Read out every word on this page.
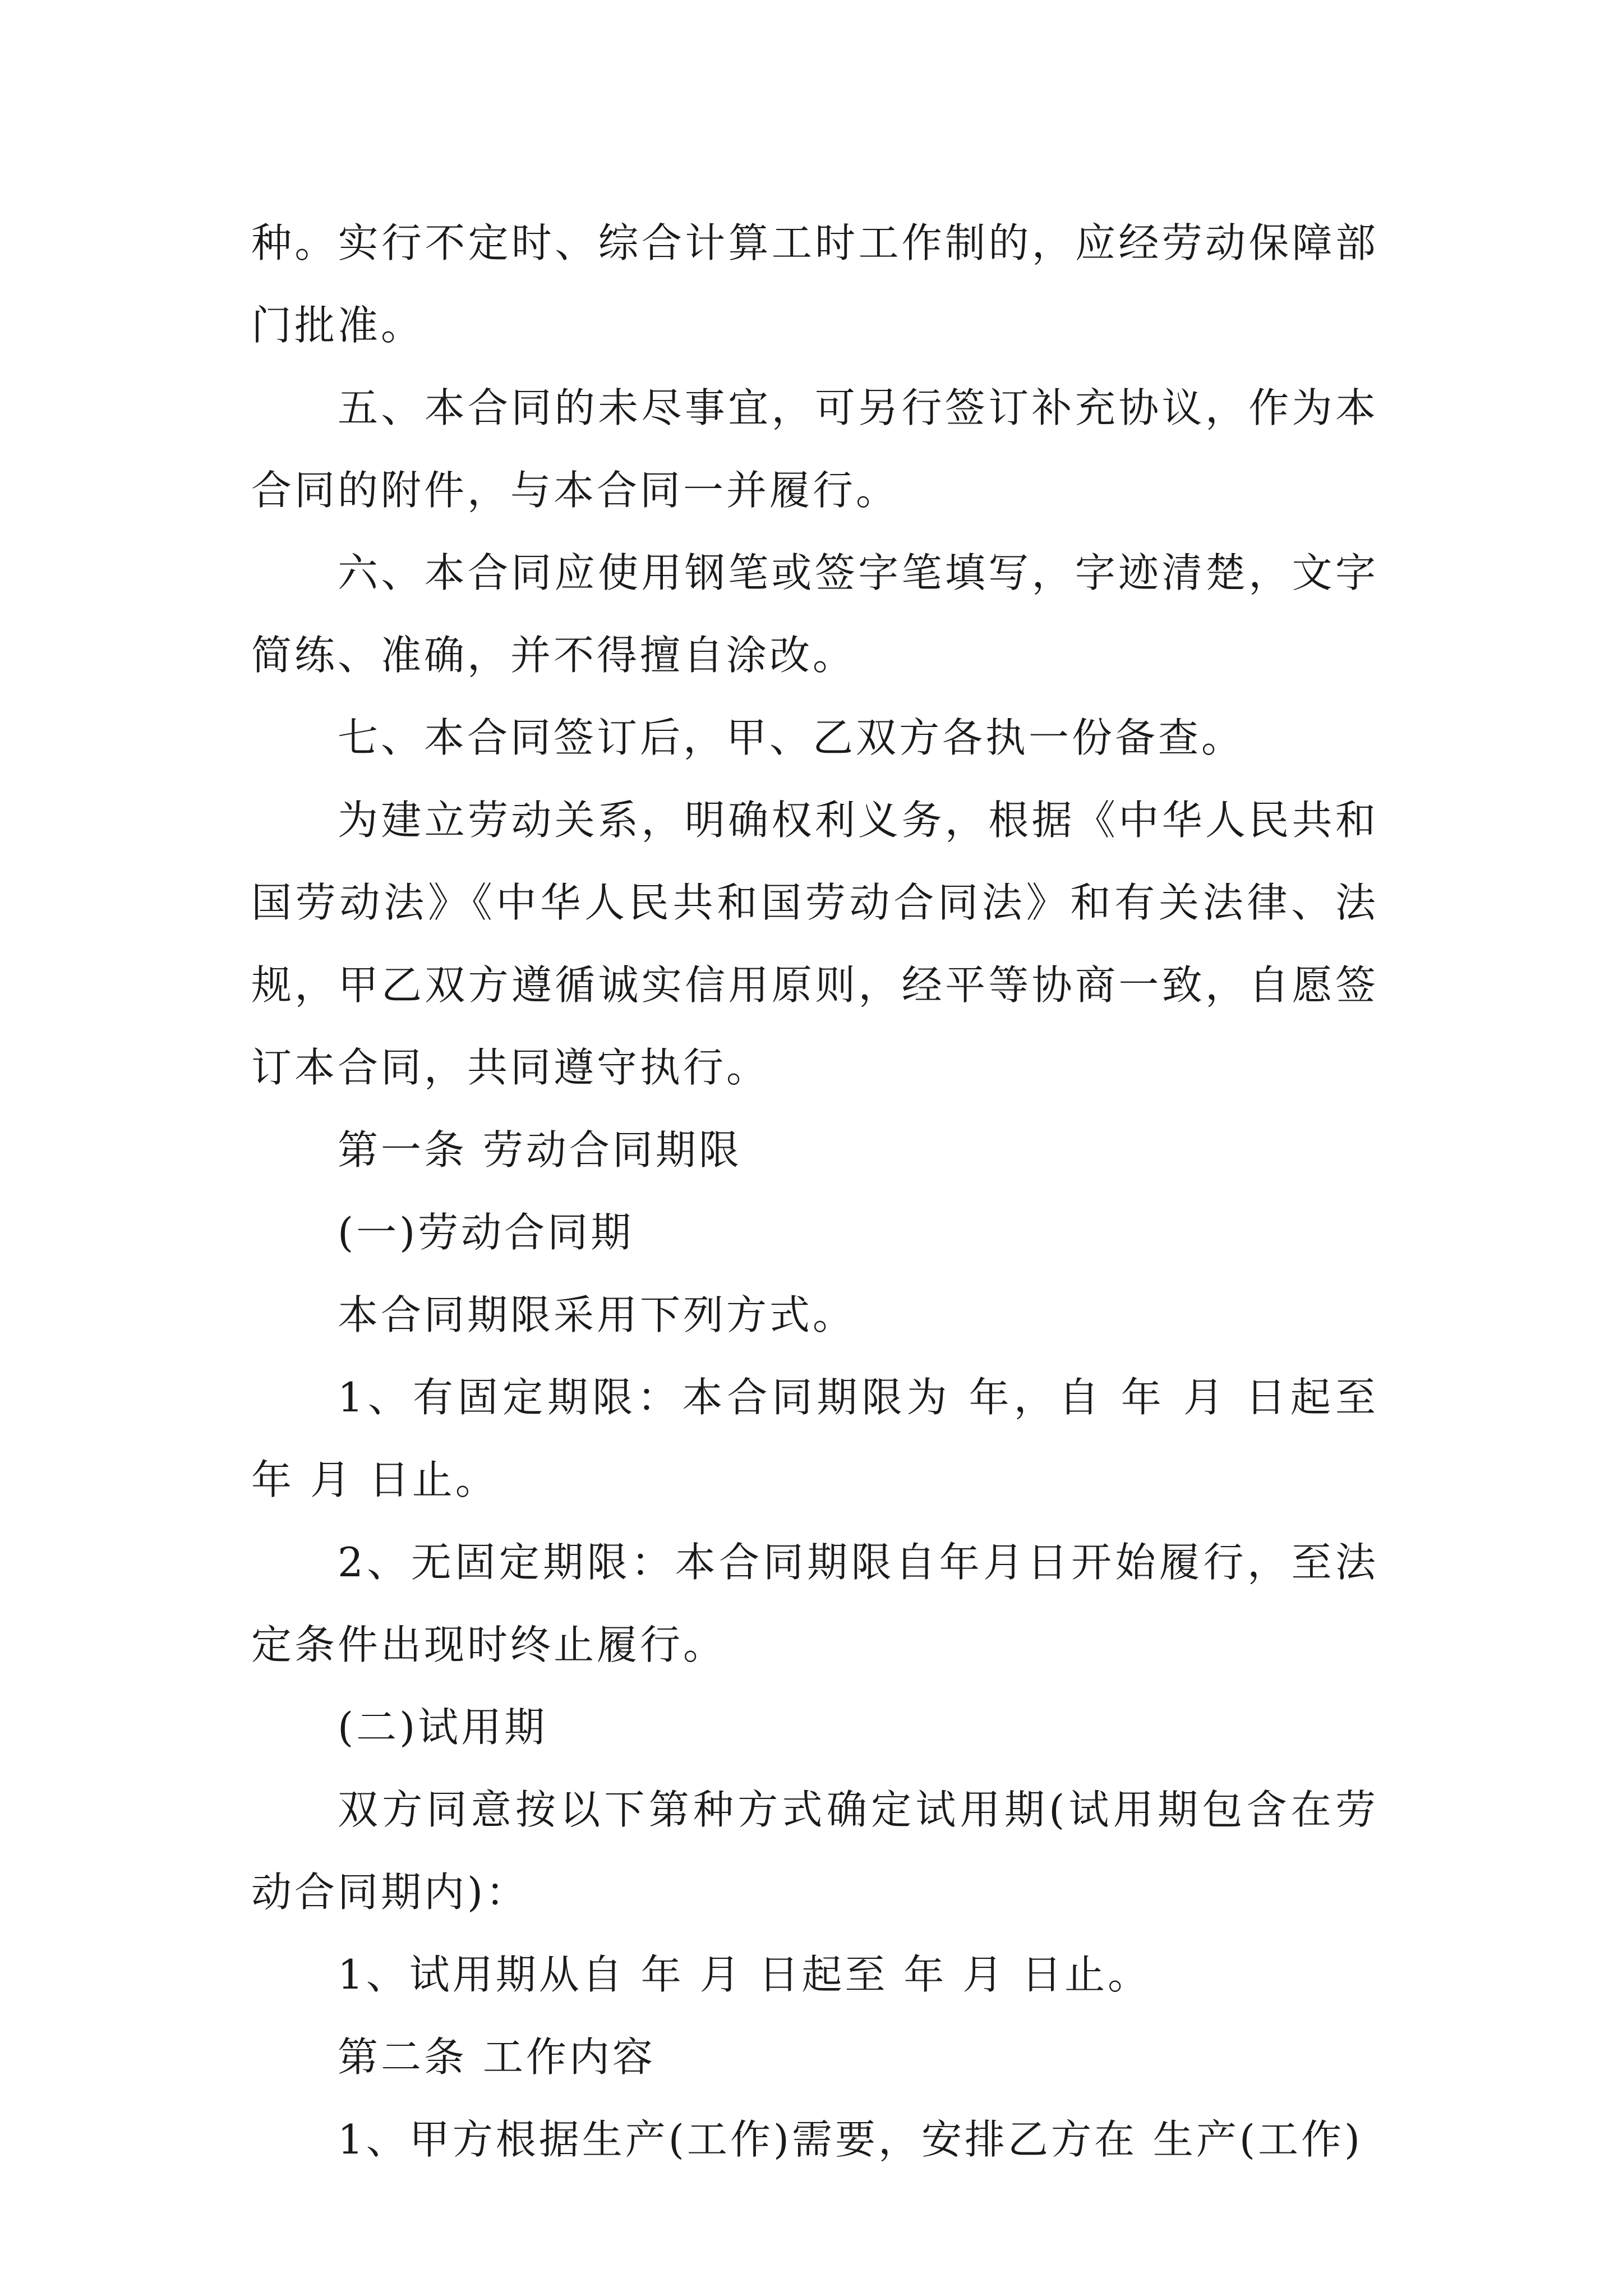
种。实行不定时、综合计算工时工作制的，应经劳动保障部门批准。

五、本合同的未尽事宜，可另行签订补充协议，作为本合同的附件，与本合同一并履行。

六、本合同应使用钢笔或签字笔填写，字迹清楚，文字简练、准确，并不得擅自涂改。

七、本合同签订后，甲、乙双方各执一份备查。

为建立劳动关系，明确权利义务，根据《中华人民共和国劳动法》《中华人民共和国劳动合同法》和有关法律、法规，甲乙双方遵循诚实信用原则，经平等协商一致，自愿签订本合同，共同遵守执行。

第一条 劳动合同期限

(一)劳动合同期

本合同期限采用下列方式。

1、有固定期限：本合同期限为 年，自 年 月 日起至 年 月 日止。

2、无固定期限：本合同期限自年月日开始履行，至法定条件出现时终止履行。

(二)试用期

双方同意按以下第种方式确定试用期(试用期包含在劳动合同期内)：

1、试用期从自 年 月 日起至 年 月 日止。

第二条 工作内容

1、甲方根据生产(工作)需要，安排乙方在 生产(工作)
